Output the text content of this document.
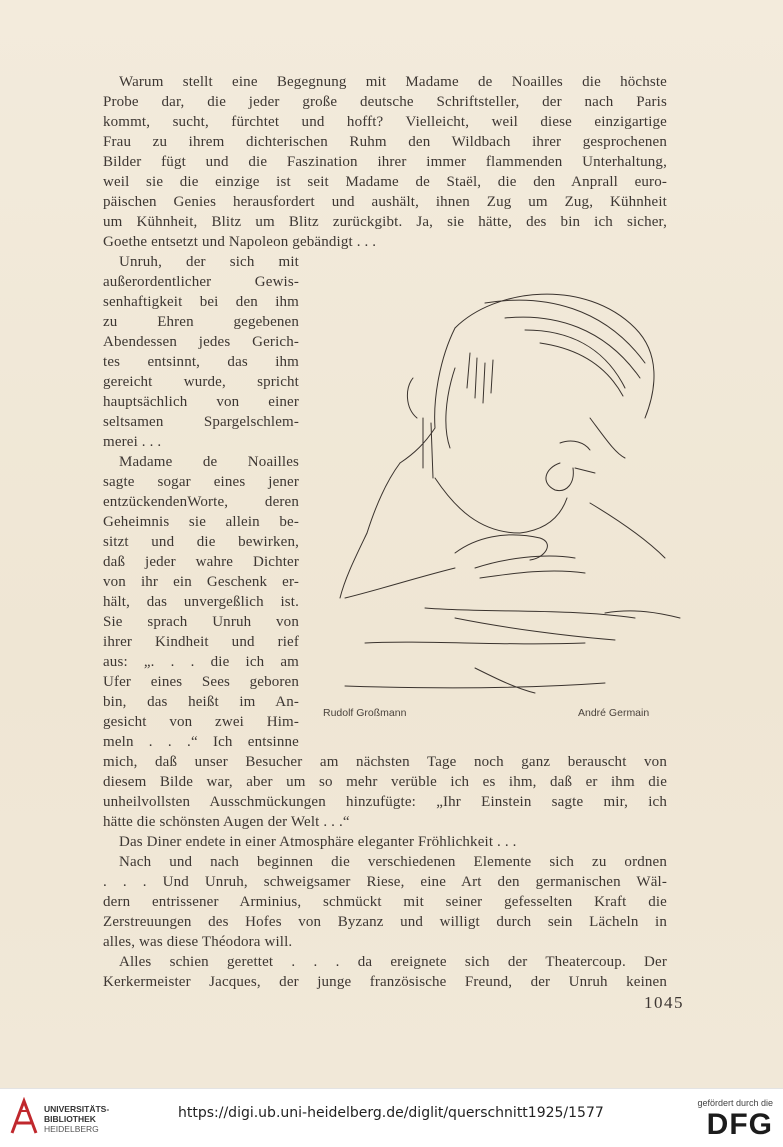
Warum stellt eine Begegnung mit Madame de Noailles die höchste
Probe dar, die jeder große deutsche Schriftsteller, der nach Paris
kommt, sucht, fürchtet und hofft? Vielleicht, weil diese einzigartige
Frau zu ihrem dichterischen Ruhm den Wildbach ihrer gesprochenen
Bilder fügt und die Faszination ihrer immer flammenden Unterhaltung,
weil sie die einzige ist seit Madame de Staël, die den Anprall euro-
päischen Genies herausfordert und aushält, ihnen Zug um Zug, Kühnheit
um Kühnheit, Blitz um Blitz zurückgibt. Ja, sie hätte, des bin ich sicher,
Goethe entsetzt und Napoleon gebändigt . . .
Unruh, der sich mit
außerordentlicher Gewis-
senhaftigkeit bei den ihm
zu Ehren gegebenen
Abendessen jedes Gerich-
tes entsinnt, das ihm
gereicht wurde, spricht
hauptsächlich von einer
seltsamen Spargelschlem-
merei . . .
Madame de Noailles
sagte sogar eines jener
entzückendenWorte, deren
Geheimnis sie allein be-
sitzt und die bewirken,
daß jeder wahre Dichter
von ihr ein Geschenk er-
hält, das unvergeßlich ist.
Sie sprach Unruh von
ihrer Kindheit und rief
aus: „. . . die ich am
Ufer eines Sees geboren
bin, das heißt im An-
gesicht von zwei Him-
meln . . .“ Ich entsinne
mich, daß unser Besucher am nächsten Tage noch ganz berauscht von
diesem Bilde war, aber um so mehr verüble ich es ihm, daß er ihm die
unheilvollsten Ausschmückungen hinzufügte: „Ihr Einstein sagte mir, ich
hätte die schönsten Augen der Welt . . .“
Das Diner endete in einer Atmosphäre eleganter Fröhlichkeit . . .
Nach und nach beginnen die verschiedenen Elemente sich zu ordnen
. . . Und Unruh, schweigsamer Riese, eine Art den germanischen Wäl-
dern entrissener Arminius, schmückt mit seiner gefesselten Kraft die
Zerstreuungen des Hofes von Byzanz und willigt durch sein Lächeln in
alles, was diese Théodora will.
Alles schien gerettet . . . da ereignete sich der Theatercoup. Der
Kerkermeister Jacques, der junge französische Freund, der Unruh keinen
Rudolf Großmann	André Germain
1045
UNIVERSITÄTS-
BIBLIOTHEK
HEIDELBERG
https://digi.ub.uni-heidelberg.de/diglit/querschnitt1925/1577
gefördert durch die
DFG
